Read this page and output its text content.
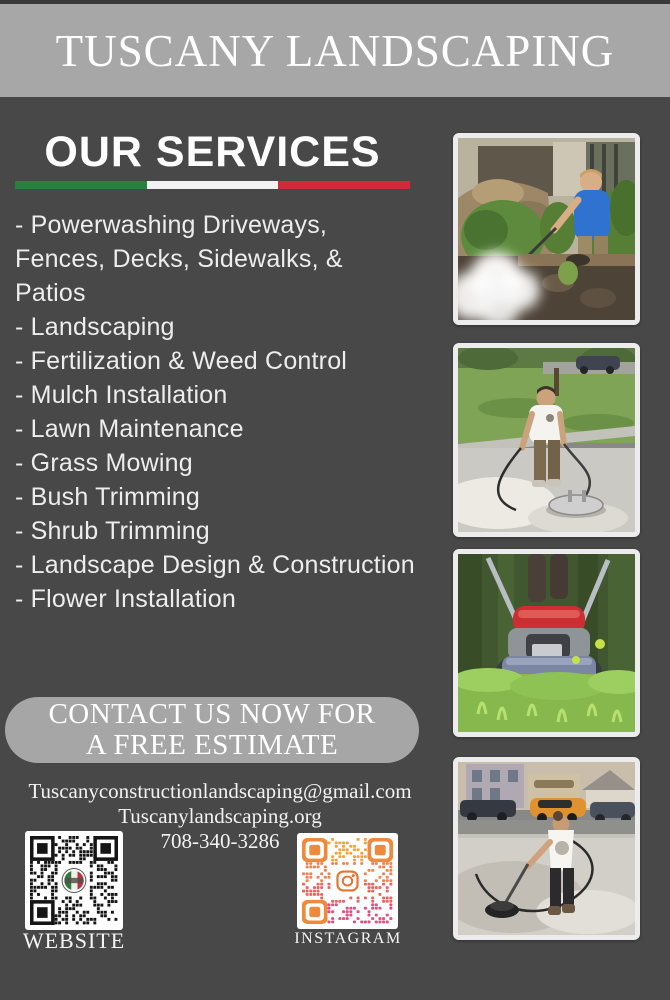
TUSCANY LANDSCAPING
OUR SERVICES
- Powerwashing Driveways, Fences, Decks, Sidewalks, & Patios
- Landscaping
- Fertilization & Weed Control
- Mulch Installation
- Lawn Maintenance
- Grass Mowing
- Bush Trimming
- Shrub Trimming
- Landscape Design & Construction
- Flower Installation
CONTACT US NOW FOR
A FREE ESTIMATE
Tuscanyconstructionlandscaping@gmail.com
Tuscanylandscaping.org
708-340-3286
WEBSITE	INSTAGRAM
